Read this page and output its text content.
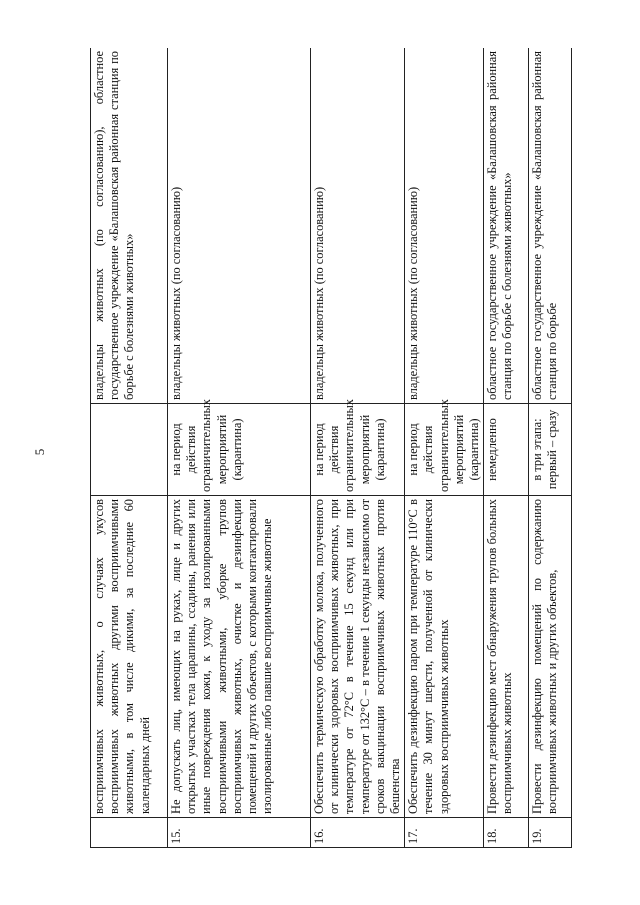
5
	восприимчивых животных, о случаях укусов восприимчивых животных другими восприимчивыми животными, в том числе дикими, за последние 60 календарных дней		владельцы животных (по согласованию), областное государственное учреждение «Балашовская районная станция по борьбе с болезнями животных»
15.	Не допускать лиц, имеющих на руках, лице и других открытых участках тела царапины, ссадины, ранения или иные повреждения кожи, к уходу за изолированными восприимчивыми животными, уборке трупов восприимчивых животных, очистке и дезинфекции помещений и других объектов, с которыми контактировали изолированные либо павшие восприимчивые животные	на период действия ограничительных мероприятий (карантина)	владельцы животных (по согласованию)
16.	Обеспечить термическую обработку молока, полученного от клинически здоровых восприимчивых животных, при температуре от 72°С в течение 15 секунд или при температуре от 132°С – в течение 1 секунды независимо от сроков вакцинации восприимчивых животных против бешенства	на период действия ограничительных мероприятий (карантина)	владельцы животных (по согласованию)
17.	Обеспечить дезинфекцию паром при температуре 110°С в течение 30 минут шерсти, полученной от клинически здоровых восприимчивых животных	на период действия ограничительных мероприятий (карантина)	владельцы животных (по согласованию)
18.	Провести дезинфекцию мест обнаружения трупов больных восприимчивых животных	немедленно	областное государственное учреждение «Балашовская районная станция по борьбе с болезнями животных»
19.	Провести дезинфекцию помещений по содержанию восприимчивых животных и других объектов,	в три этапа: первый – сразу	областное государственное учреждение «Балашовская районная станция по борьбе
